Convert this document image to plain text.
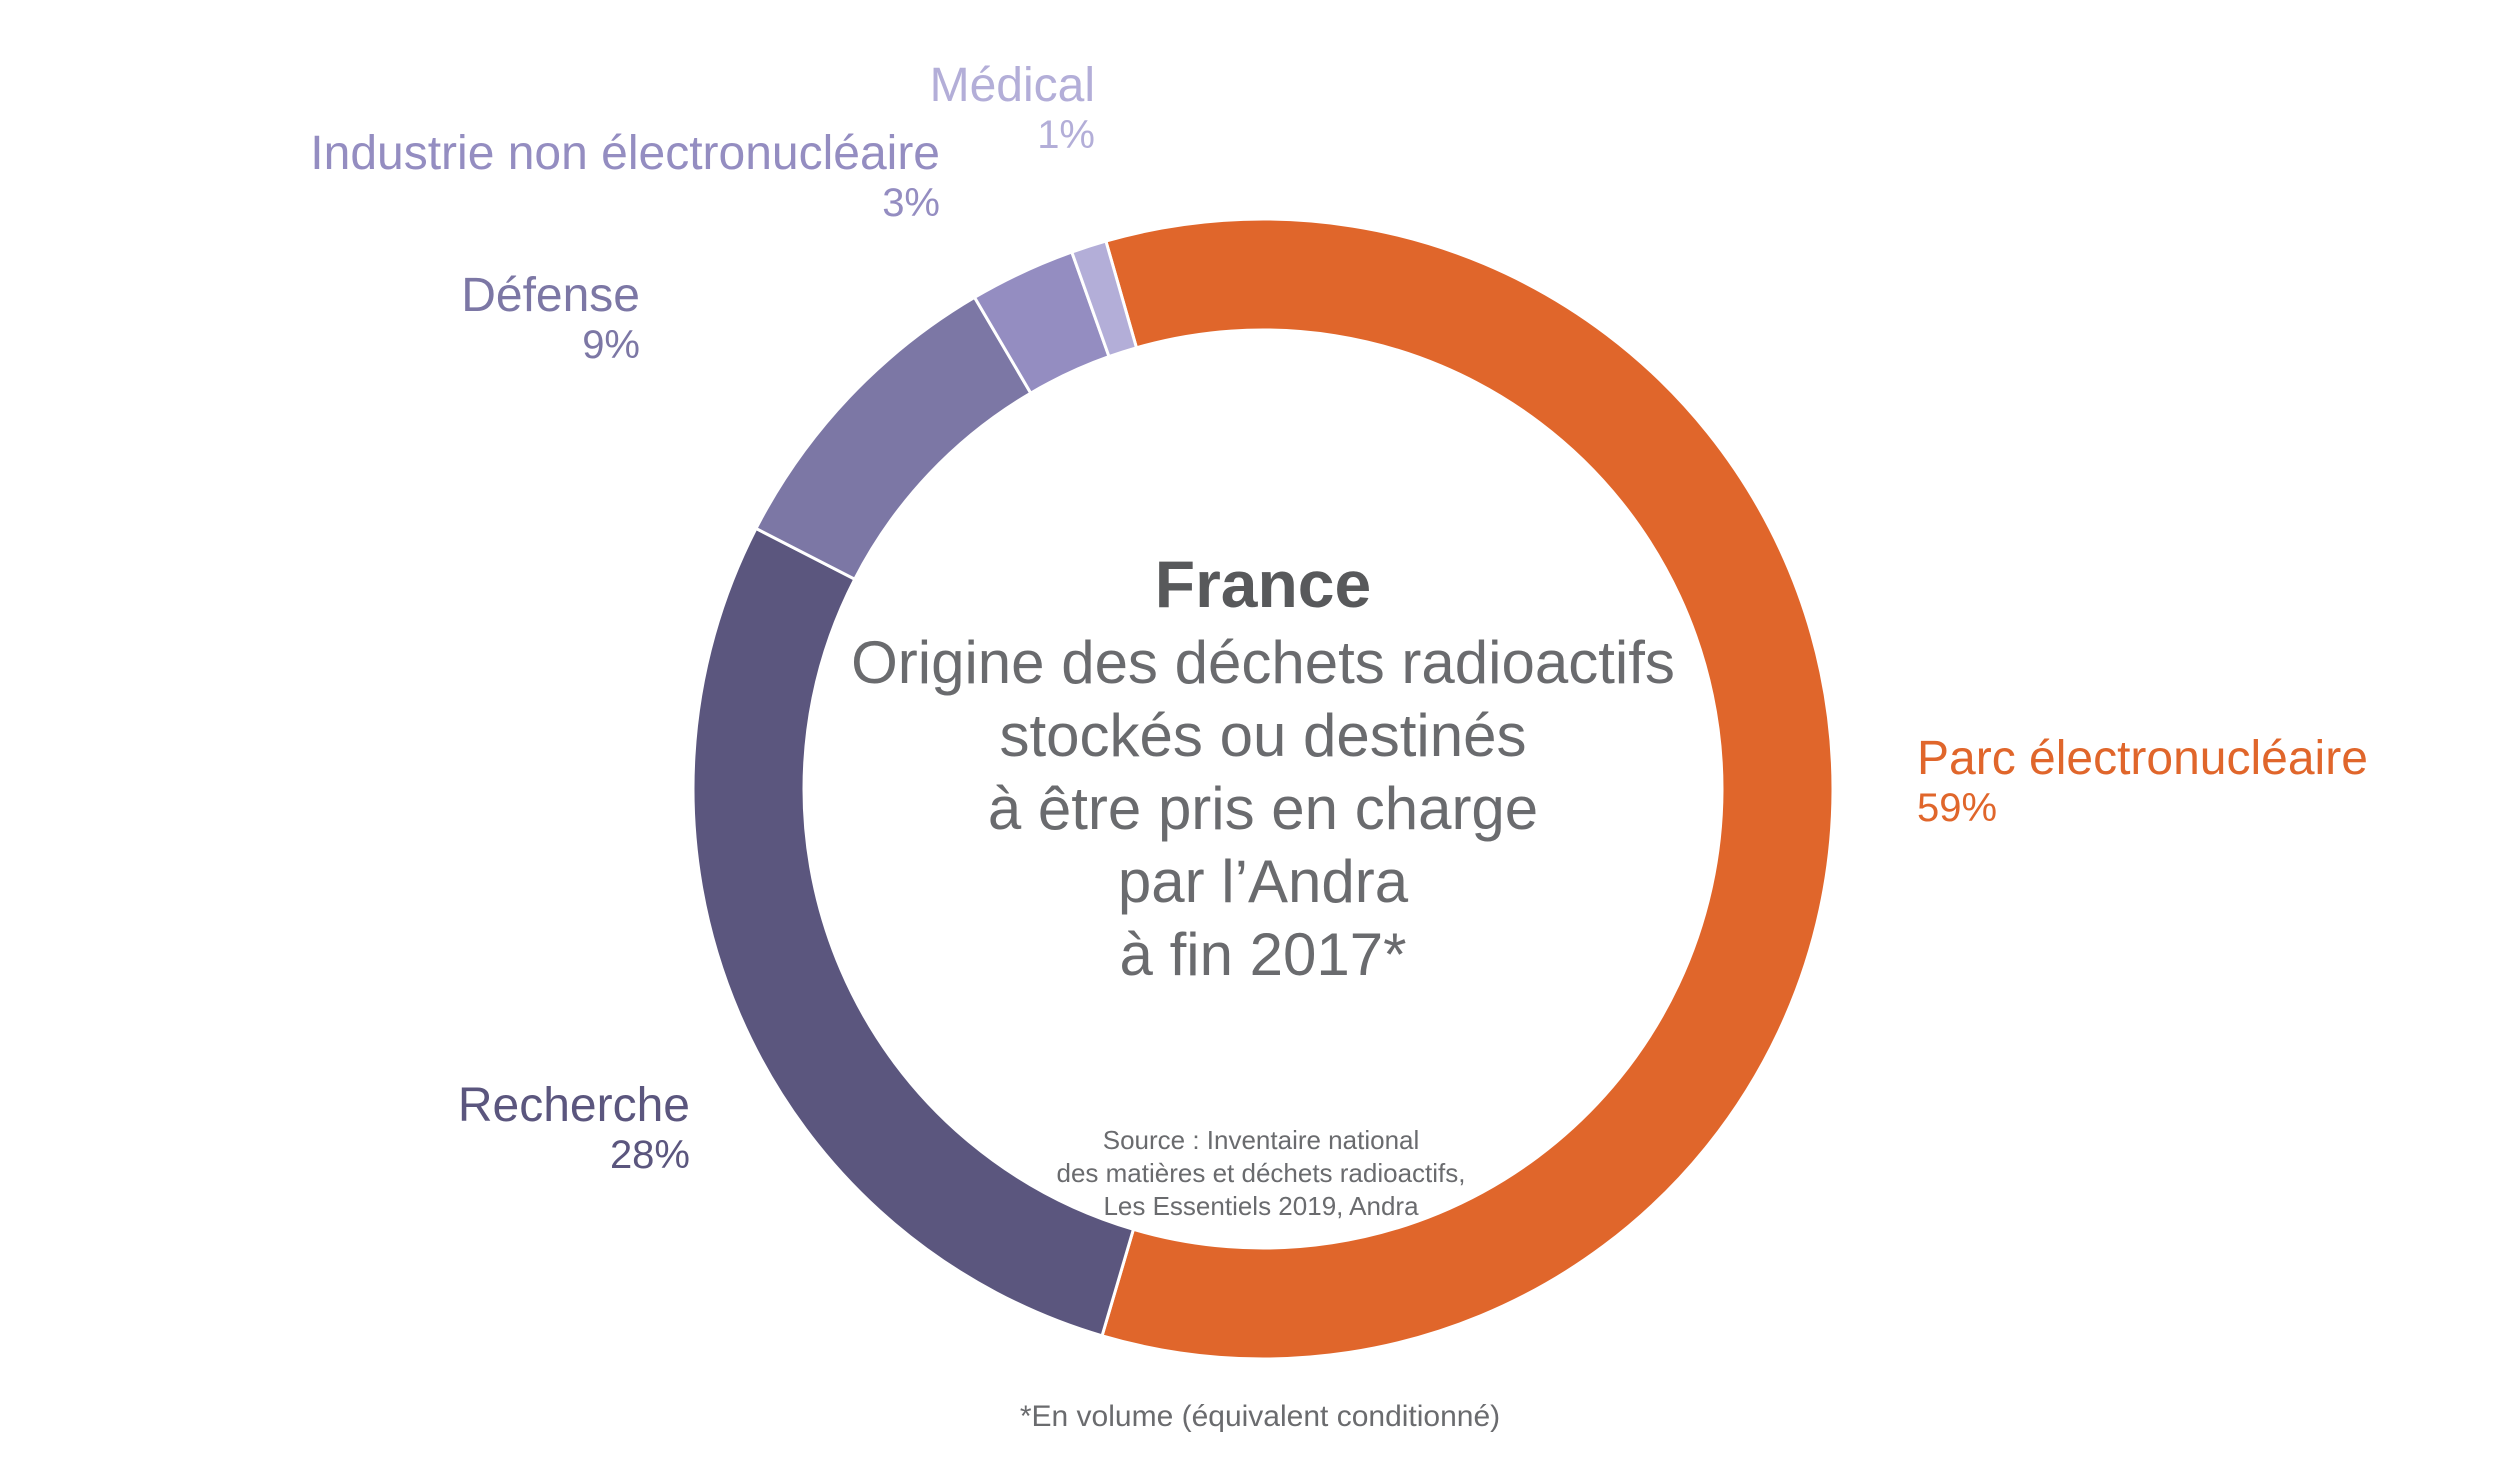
Médical
1%
Industrie non électronucléaire
3%
Défense
9%
Recherche
28%
Parc électronucléaire
59%
France
Origine des déchets radioactifs
stockés ou destinés
à être pris en charge
par l’Andra
à fin 2017*
Source : Inventaire national
des matières et déchets radioactifs,
Les Essentiels 2019, Andra
*En volume (équivalent conditionné)
